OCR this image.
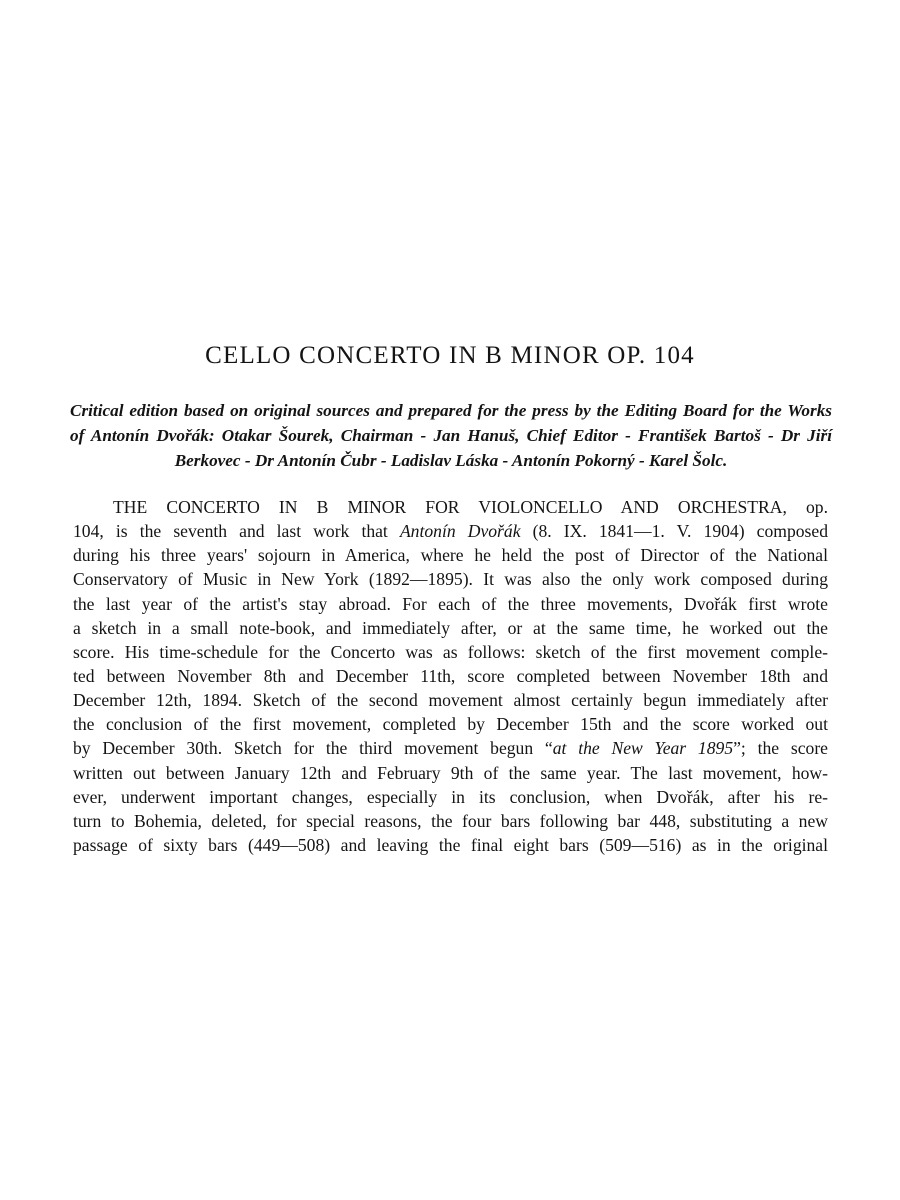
CELLO CONCERTO IN B MINOR OP. 104

Critical edition based on original sources and prepared for the press by the Editing Board for the Works
of Antonín Dvořák: Otakar Šourek, Chairman - Jan Hanuš, Chief Editor - František Bartoš - Dr Jiří
Berkovec - Dr Antonín Čubr - Ladislav Láska - Antonín Pokorný - Karel Šolc.

THE CONCERTO IN B MINOR FOR VIOLONCELLO AND ORCHESTRA, op.
104, is the seventh and last work that Antonín Dvořák (8. IX. 1841—1. V. 1904) composed
during his three years' sojourn in America, where he held the post of Director of the National
Conservatory of Music in New York (1892—1895). It was also the only work composed during
the last year of the artist's stay abroad. For each of the three movements, Dvořák first wrote
a sketch in a small note-book, and immediately after, or at the same time, he worked out the
score. His time-schedule for the Concerto was as follows: sketch of the first movement comple-
ted between November 8th and December 11th, score completed between November 18th and
December 12th, 1894. Sketch of the second movement almost certainly begun immediately after
the conclusion of the first movement, completed by December 15th and the score worked out
by December 30th. Sketch for the third movement begun “at the New Year 1895”; the score
written out between January 12th and February 9th of the same year. The last movement, how-
ever, underwent important changes, especially in its conclusion, when Dvořák, after his re-
turn to Bohemia, deleted, for special reasons, the four bars following bar 448, substituting a new
passage of sixty bars (449—508) and leaving the final eight bars (509—516) as in the original
